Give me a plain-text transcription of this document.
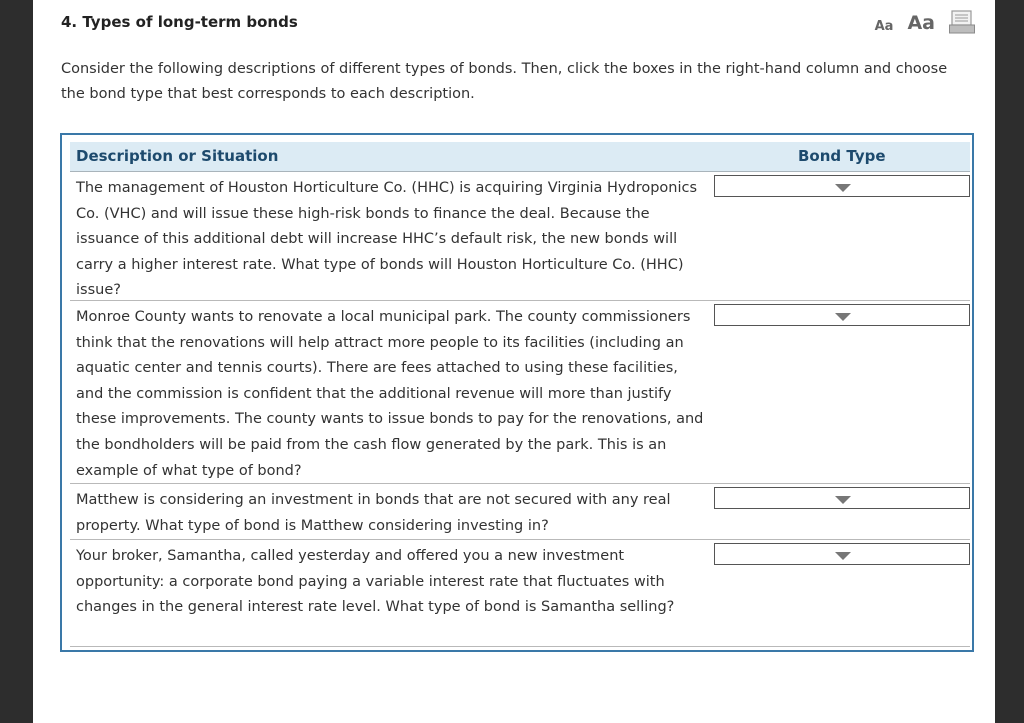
4. Types of long-term bonds	Aa Aa
Consider the following descriptions of different types of bonds. Then, click the boxes in the right-hand column and choose the bond type that best corresponds to each description.
Description or Situation	Bond Type
The management of Houston Horticulture Co. (HHC) is acquiring Virginia Hydroponics Co. (VHC) and will issue these high-risk bonds to finance the deal. Because the issuance of this additional debt will increase HHC’s default risk, the new bonds will carry a higher interest rate. What type of bonds will Houston Horticulture Co. (HHC) issue?
Monroe County wants to renovate a local municipal park. The county commissioners think that the renovations will help attract more people to its facilities (including an aquatic center and tennis courts). There are fees attached to using these facilities, and the commission is confident that the additional revenue will more than justify these improvements. The county wants to issue bonds to pay for the renovations, and the bondholders will be paid from the cash flow generated by the park. This is an example of what type of bond?
Matthew is considering an investment in bonds that are not secured with any real property. What type of bond is Matthew considering investing in?
Your broker, Samantha, called yesterday and offered you a new investment opportunity: a corporate bond paying a variable interest rate that fluctuates with changes in the general interest rate level. What type of bond is Samantha selling?
